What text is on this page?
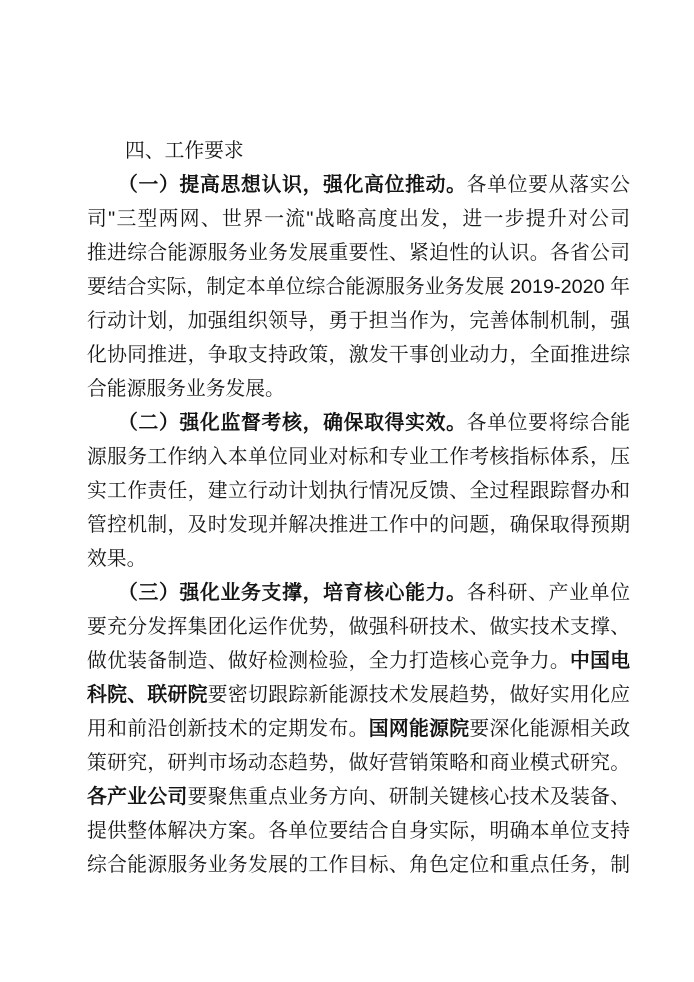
四、工作要求
（一）提高思想认识，强化高位推动。各单位要从落实公
司"三型两网、世界一流"战略高度出发，进一步提升对公司
推进综合能源服务业务发展重要性、紧迫性的认识。各省公司
要结合实际，制定本单位综合能源服务业务发展 2019-2020 年
行动计划，加强组织领导，勇于担当作为，完善体制机制，强
化协同推进，争取支持政策，激发干事创业动力，全面推进综
合能源服务业务发展。
（二）强化监督考核，确保取得实效。各单位要将综合能
源服务工作纳入本单位同业对标和专业工作考核指标体系，压
实工作责任，建立行动计划执行情况反馈、全过程跟踪督办和
管控机制，及时发现并解决推进工作中的问题，确保取得预期
效果。
（三）强化业务支撑，培育核心能力。各科研、产业单位
要充分发挥集团化运作优势，做强科研技术、做实技术支撑、
做优装备制造、做好检测检验，全力打造核心竞争力。中国电
科院、联研院要密切跟踪新能源技术发展趋势，做好实用化应
用和前沿创新技术的定期发布。国网能源院要深化能源相关政
策研究，研判市场动态趋势，做好营销策略和商业模式研究。
各产业公司要聚焦重点业务方向、研制关键核心技术及装备、
提供整体解决方案。各单位要结合自身实际，明确本单位支持
综合能源服务业务发展的工作目标、角色定位和重点任务，制
